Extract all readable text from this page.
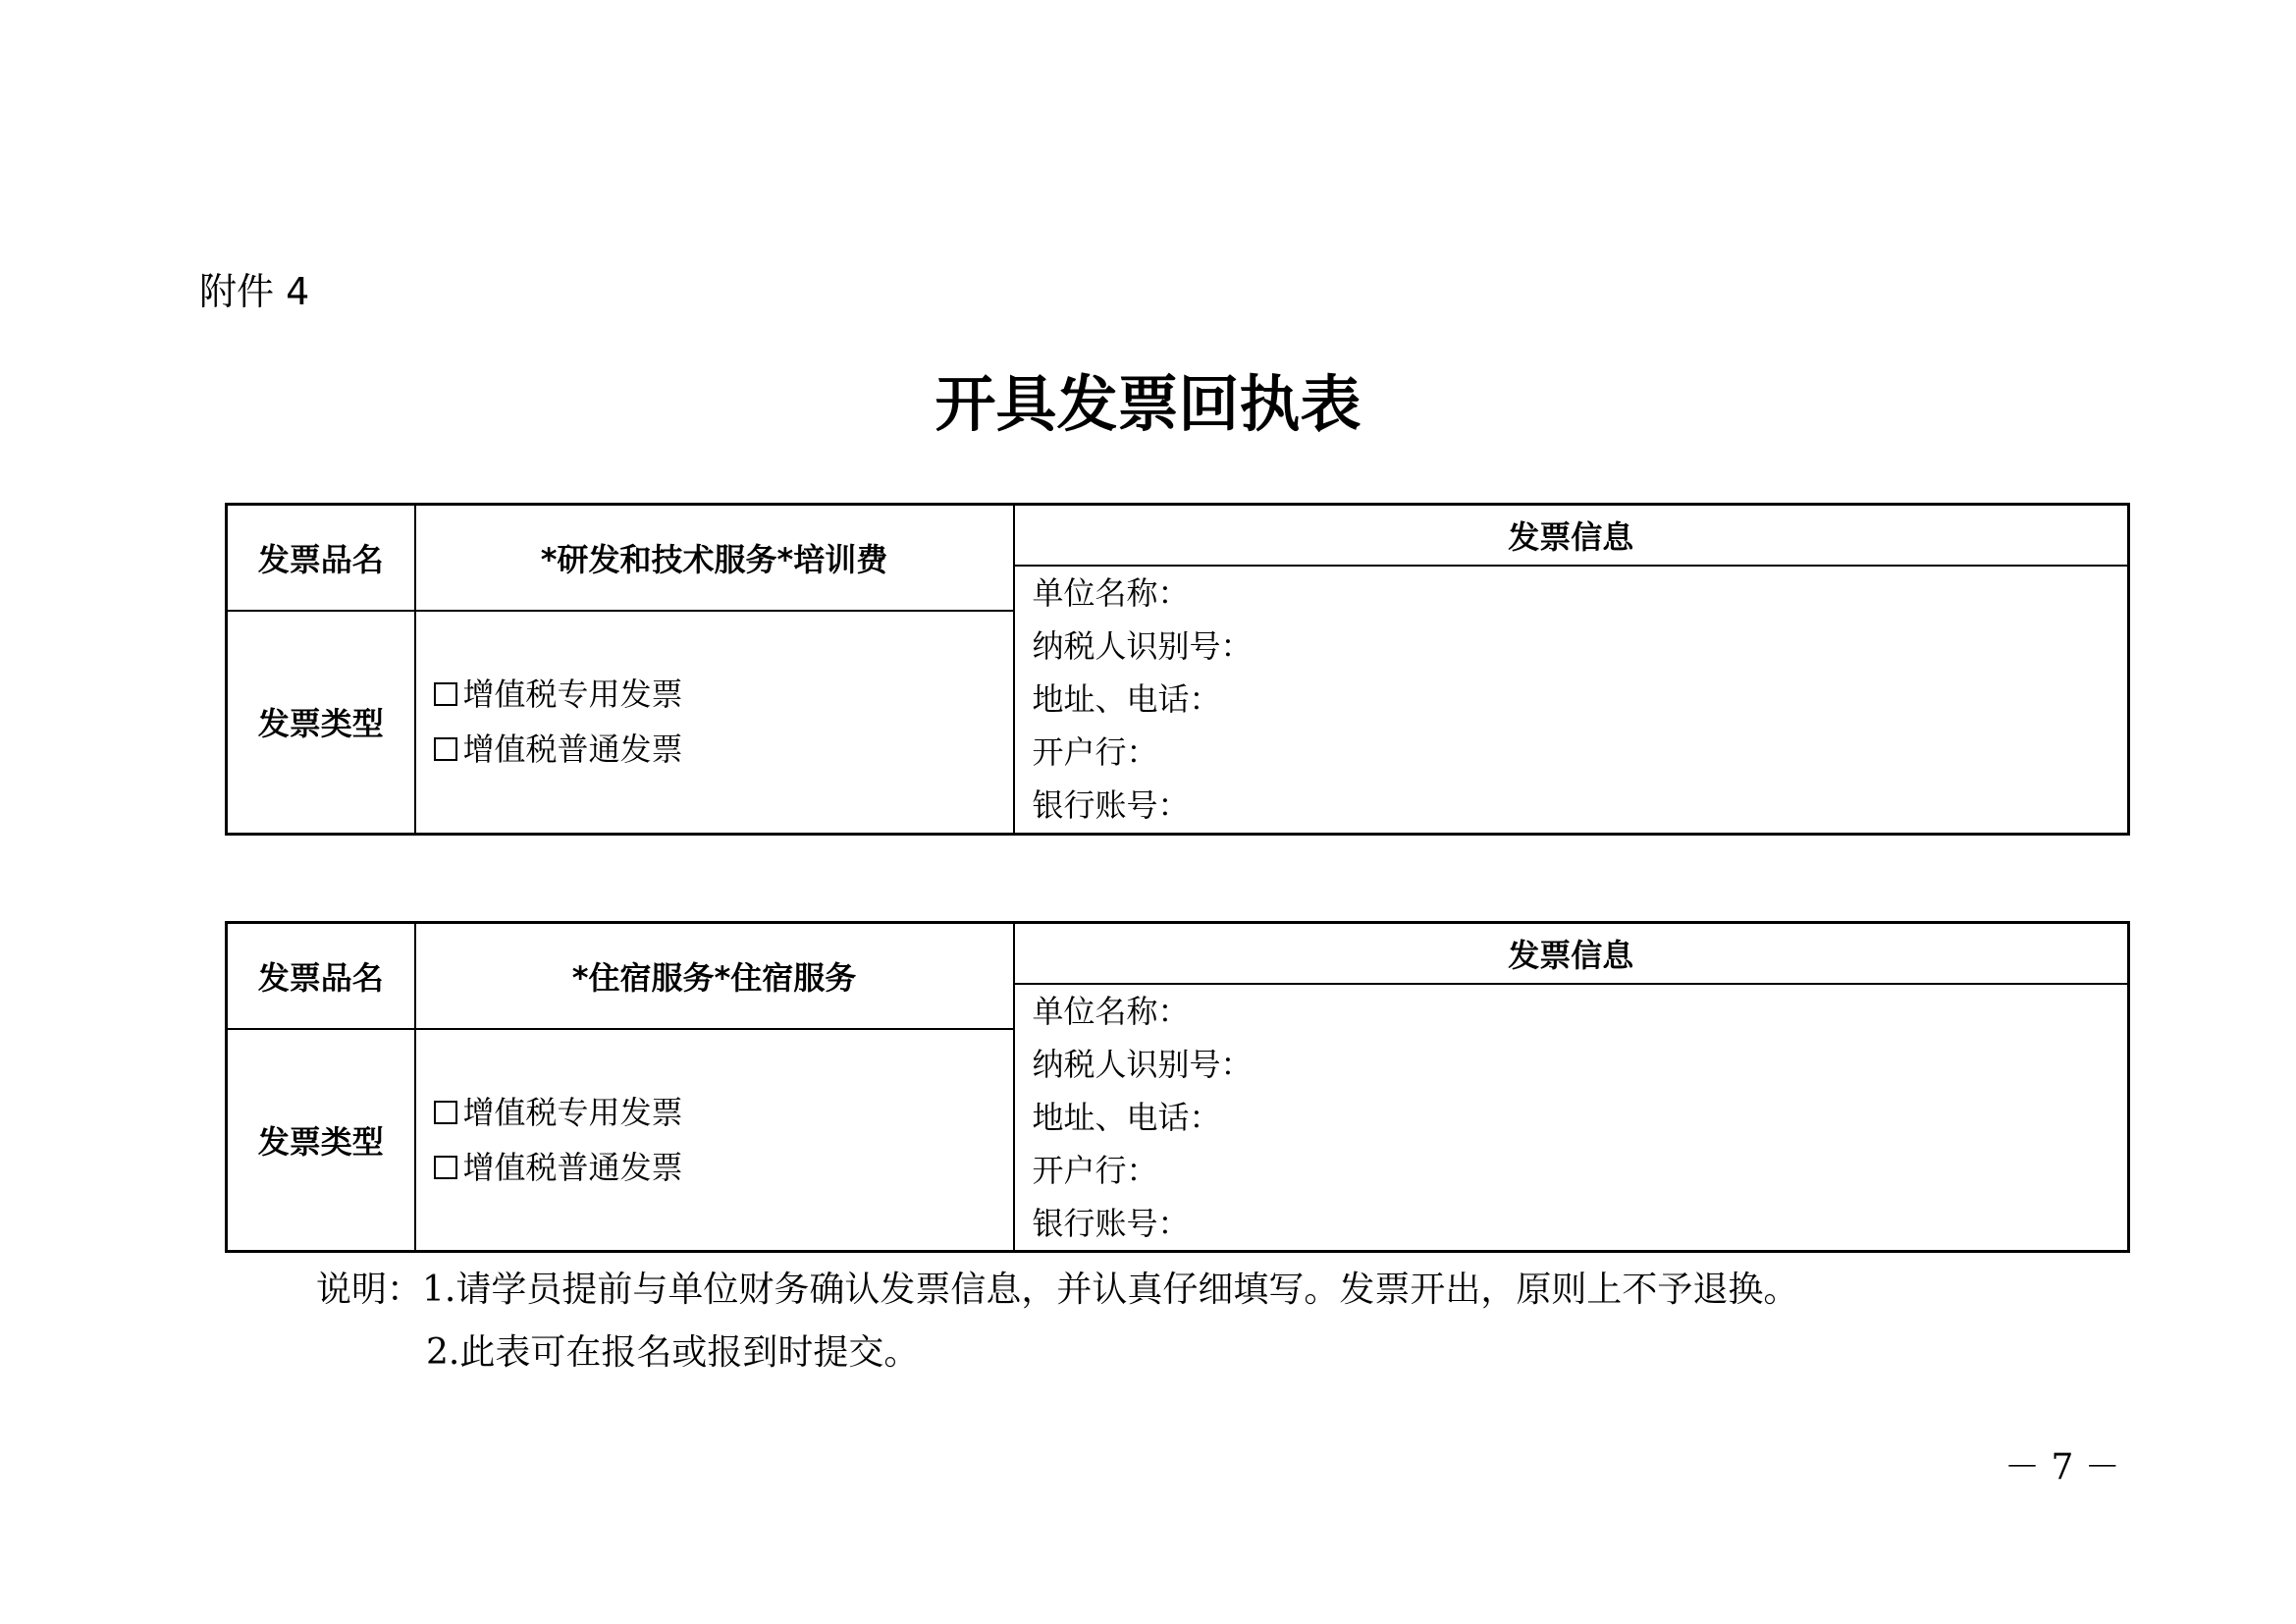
附件 4
开具发票回执表
发票品名	*研发和技术服务*培训费	发票信息

		单位名称：
纳税人识别号：
地址、电话：
开户行：
银行账号：

发票类型	增值税专用发票
增值税普通发票	
发票品名	*住宿服务*住宿服务	发票信息

		单位名称：
纳税人识别号：
地址、电话：
开户行：
银行账号：

发票类型	增值税专用发票
增值税普通发票	
说明：1.请学员提前与单位财务确认发票信息，并认真仔细填写。发票开出，原则上不予退换。
2.此表可在报名或报到时提交。
－ 7 －
